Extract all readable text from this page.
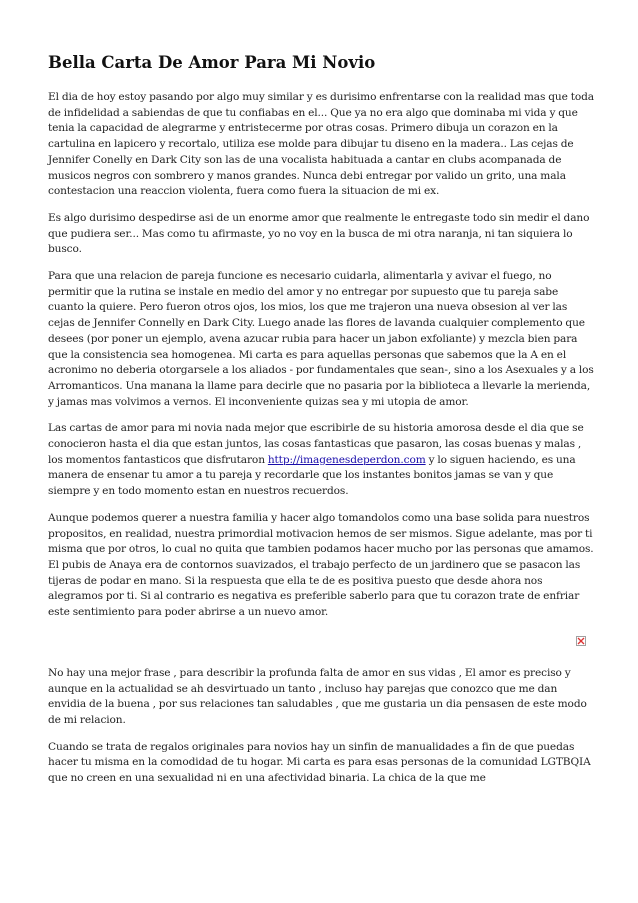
Bella Carta De Amor Para Mi Novio

El dia de hoy estoy pasando por algo muy similar y es durisimo enfrentarse con la realidad mas que toda de infidelidad a sabiendas de que tu confiabas en el... Que ya no era algo que dominaba mi vida y que tenia la capacidad de alegrarme y entristecerme por otras cosas. Primero dibuja un corazon en la cartulina en lapicero y recortalo, utiliza ese molde para dibujar tu diseno en la madera.. Las cejas de Jennifer Conelly en Dark City son las de una vocalista habituada a cantar en clubs acompanada de musicos negros con sombrero y manos grandes. Nunca debi entregar por valido un grito, una mala contestacion una reaccion violenta, fuera como fuera la situacion de mi ex.

Es algo durisimo despedirse asi de un enorme amor que realmente le entregaste todo sin medir el dano que pudiera ser... Mas como tu afirmaste, yo no voy en la busca de mi otra naranja, ni tan siquiera lo busco.

Para que una relacion de pareja funcione es necesario cuidarla, alimentarla y avivar el fuego, no permitir que la rutina se instale en medio del amor y no entregar por supuesto que tu pareja sabe cuanto la quiere. Pero fueron otros ojos, los mios, los que me trajeron una nueva obsesion al ver las cejas de Jennifer Connelly en Dark City. Luego anade las flores de lavanda cualquier complemento que desees (por poner un ejemplo, avena azucar rubia para hacer un jabon exfoliante) y mezcla bien para que la consistencia sea homogenea. Mi carta es para aquellas personas que sabemos que la A en el acronimo no deberia otorgarsele a los aliados - por fundamentales que sean-, sino a los Asexuales y a los Arromanticos. Una manana la llame para decirle que no pasaria por la biblioteca a llevarle la merienda, y jamas mas volvimos a vernos. El inconveniente quizas sea y mi utopia de amor.

Las cartas de amor para mi novia nada mejor que escribirle de su historia amorosa desde el dia que se conocieron hasta el dia que estan juntos, las cosas fantasticas que pasaron, las cosas buenas y malas , los momentos fantasticos que disfrutaron http://imagenesdeperdon.com y lo siguen haciendo, es una manera de ensenar tu amor a tu pareja y recordarle que los instantes bonitos jamas se van y que siempre y en todo momento estan en nuestros recuerdos.

Aunque podemos querer a nuestra familia y hacer algo tomandolos como una base solida para nuestros propositos, en realidad, nuestra primordial motivacion hemos de ser mismos. Sigue adelante, mas por ti misma que por otros, lo cual no quita que tambien podamos hacer mucho por las personas que amamos. El pubis de Anaya era de contornos suavizados, el trabajo perfecto de un jardinero que se pasacon las tijeras de podar en mano. Si la respuesta que ella te de es positiva puesto que desde ahora nos alegramos por ti. Si al contrario es negativa es preferible saberlo para que tu corazon trate de enfriar este sentimiento para poder abrirse a un nuevo amor.

No hay una mejor frase , para describir la profunda falta de amor en sus vidas , El amor es preciso y aunque en la actualidad se ah desvirtuado un tanto , incluso hay parejas que conozco que me dan envidia de la buena , por sus relaciones tan saludables , que me gustaria un dia pensasen de este modo de mi relacion.

Cuando se trata de regalos originales para novios hay un sinfin de manualidades a fin de que puedas hacer tu misma en la comodidad de tu hogar. Mi carta es para esas personas de la comunidad LGTBQIA que no creen en una sexualidad ni en una afectividad binaria. La chica de la que me
